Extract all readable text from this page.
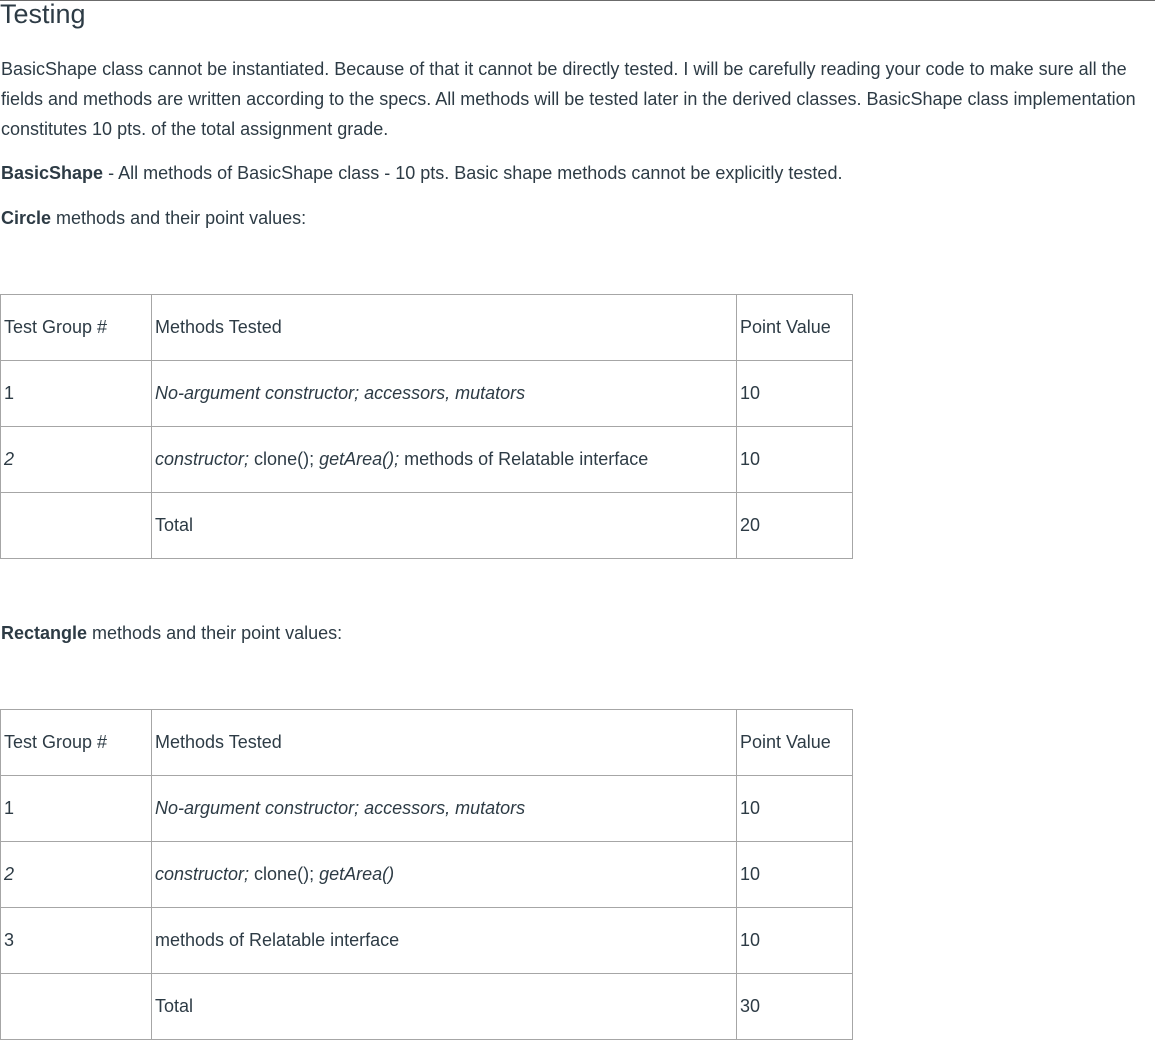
Testing

BasicShape class cannot be instantiated. Because of that it cannot be directly tested. I will be carefully reading your code to make sure all the fields and methods are written according to the specs. All methods will be tested later in the derived classes. BasicShape class implementation constitutes 10 pts. of the total assignment grade.

BasicShape - All methods of BasicShape class - 10 pts. Basic shape methods cannot be explicitly tested.

Circle methods and their point values:

Test Group #	Methods Tested	Point Value
1	No-argument constructor; accessors, mutators	10
2	constructor; clone(); getArea(); methods of Relatable interface	10
	Total	20

Rectangle methods and their point values:

Test Group #	Methods Tested	Point Value
1	No-argument constructor; accessors, mutators	10
2	constructor; clone(); getArea()	10
3	methods of Relatable interface	10
	Total	30
